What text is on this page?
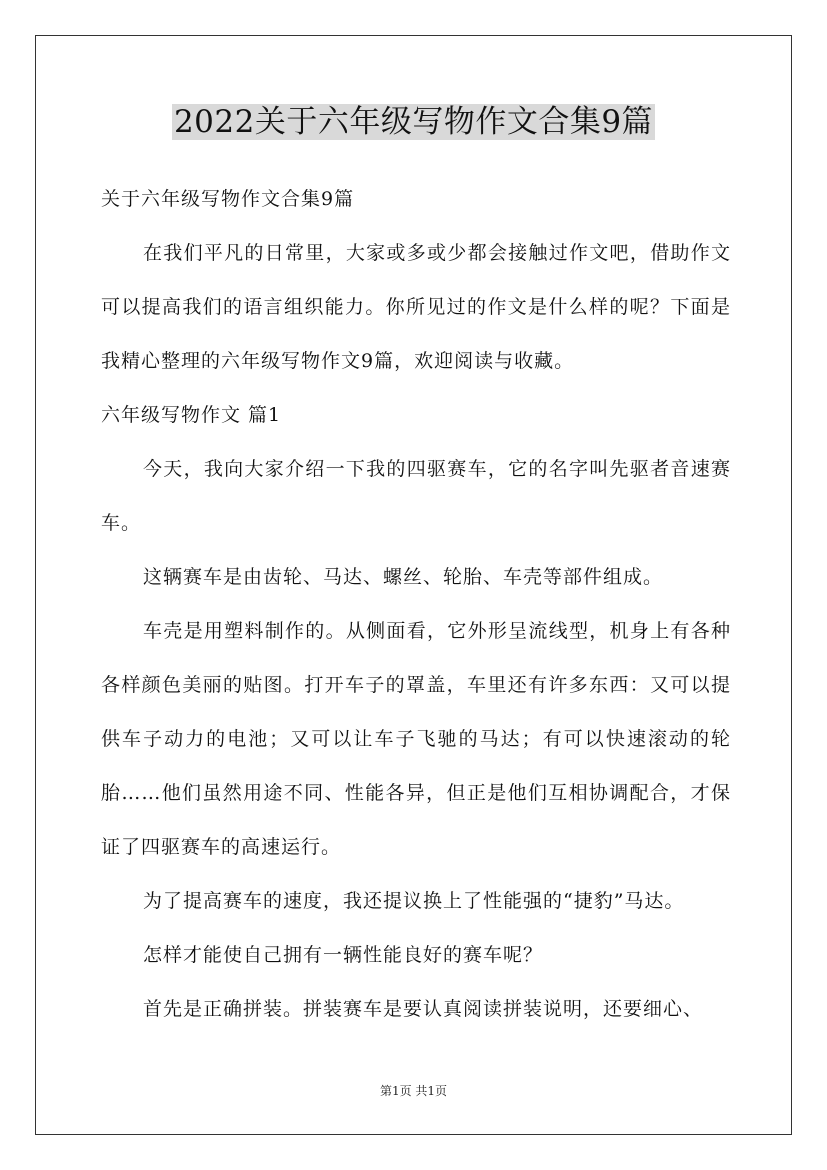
2022关于六年级写物作文合集9篇

关于六年级写物作文合集9篇

在我们平凡的日常里，大家或多或少都会接触过作文吧，借助作文可以提高我们的语言组织能力。你所见过的作文是什么样的呢？下面是我精心整理的六年级写物作文9篇，欢迎阅读与收藏。

六年级写物作文 篇1

今天，我向大家介绍一下我的四驱赛车，它的名字叫先驱者音速赛车。

这辆赛车是由齿轮、马达、螺丝、轮胎、车壳等部件组成。

车壳是用塑料制作的。从侧面看，它外形呈流线型，机身上有各种各样颜色美丽的贴图。打开车子的罩盖，车里还有许多东西：又可以提供车子动力的电池；又可以让车子飞驰的马达；有可以快速滚动的轮胎……他们虽然用途不同、性能各异，但正是他们互相协调配合，才保证了四驱赛车的高速运行。

为了提高赛车的速度，我还提议换上了性能强的“捷豹”马达。

怎样才能使自己拥有一辆性能良好的赛车呢？

首先是正确拼装。拼装赛车是要认真阅读拼装说明，还要细心、

第1页 共1页
